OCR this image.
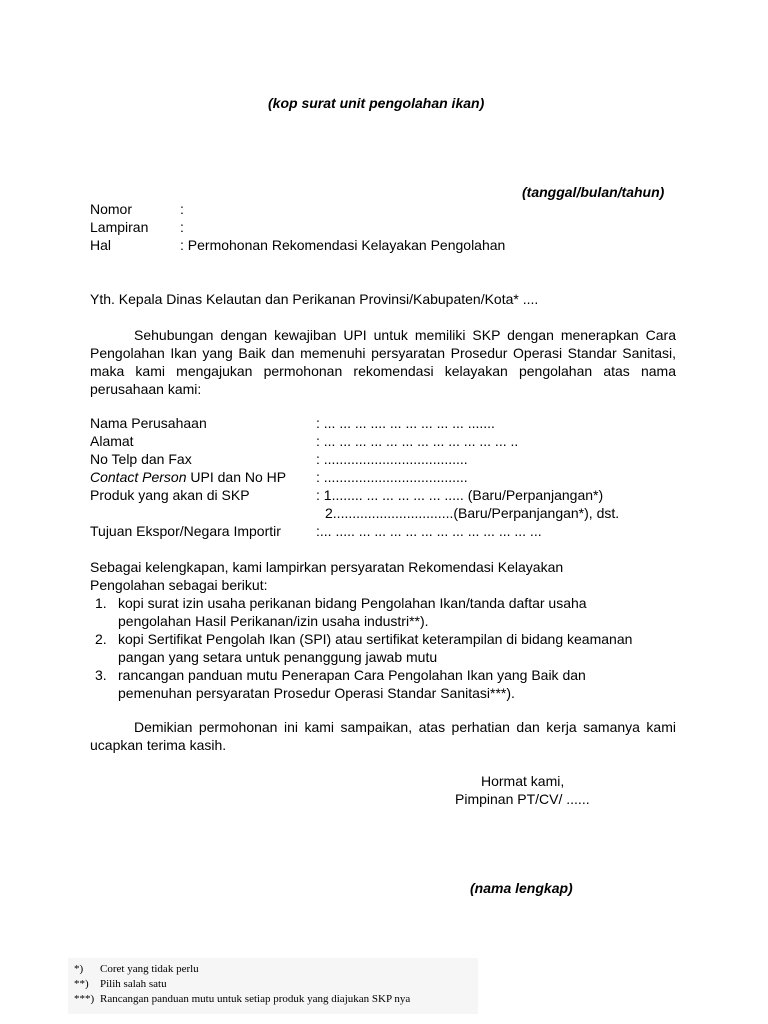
(kop surat unit pengolahan ikan)
(tanggal/bulan/tahun)
Nomor	:
Lampiran :
Hal	: Permohonan Rekomendasi Kelayakan Pengolahan
Yth. Kepala Dinas Kelautan dan Perikanan Provinsi/Kabupaten/Kota* ....
Sehubungan dengan kewajiban UPI untuk memiliki SKP dengan menerapkan Cara Pengolahan Ikan yang Baik dan memenuhi persyaratan Prosedur Operasi Standar Sanitasi, maka kami mengajukan permohonan rekomendasi kelayakan pengolahan atas nama perusahaan kami:
Nama Perusahaan	: ... ... ... .... ... ... ... ... ... .......
Alamat	: ... ... ... ... ... ... ... ... ... ... ... ... ..
No Telp dan Fax	: .....................................
Contact Person UPI dan No HP : .....................................
Produk yang akan di SKP	: 1........ ... ... ... ... ... ..... (Baru/Perpanjangan*)
2...............................(Baru/Perpanjangan*), dst.
Tujuan Ekspor/Negara Importir	:... ..... ... ... ... ... ... ... ... ... ... ... ... ...
Sebagai kelengkapan, kami lampirkan persyaratan Rekomendasi Kelayakan Pengolahan sebagai berikut:
1. kopi surat izin usaha perikanan bidang Pengolahan Ikan/tanda daftar usaha
pengolahan Hasil Perikanan/izin usaha industri**).
2. kopi Sertifikat Pengolah Ikan (SPI) atau sertifikat keterampilan di bidang keamanan
pangan yang setara untuk penanggung jawab mutu
3. rancangan panduan mutu Penerapan Cara Pengolahan Ikan yang Baik dan
pemenuhan persyaratan Prosedur Operasi Standar Sanitasi***).
Demikian permohonan ini kami sampaikan, atas perhatian dan kerja samanya kami ucapkan terima kasih.
Hormat kami,
Pimpinan PT/CV/ ......
(nama lengkap)
*) Coret yang tidak perlu
**) Pilih salah satu
***) Rancangan panduan mutu untuk setiap produk yang diajukan SKP nya
